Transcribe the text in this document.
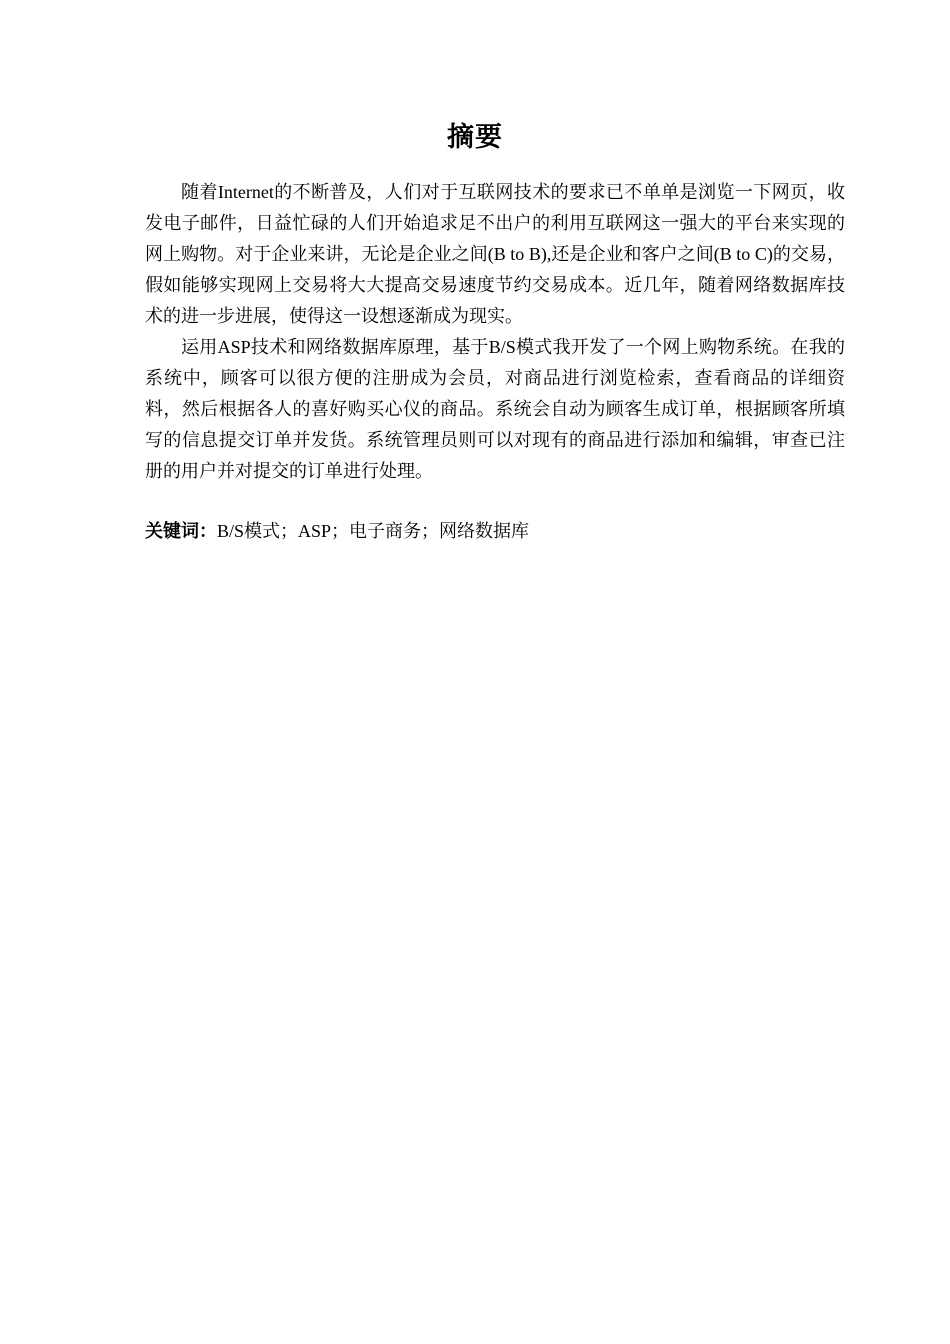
摘要

随着Internet的不断普及，人们对于互联网技术的要求已不单单是浏览一下网页，收发电子邮件，日益忙碌的人们开始追求足不出户的利用互联网这一强大的平台来实现的网上购物。对于企业来讲，无论是企业之间(B to B),还是企业和客户之间(B to C)的交易，假如能够实现网上交易将大大提高交易速度节约交易成本。近几年，随着网络数据库技术的进一步进展，使得这一设想逐渐成为现实。

运用ASP技术和网络数据库原理，基于B/S模式我开发了一个网上购物系统。在我的系统中，顾客可以很方便的注册成为会员，对商品进行浏览检索，查看商品的详细资料，然后根据各人的喜好购买心仪的商品。系统会自动为顾客生成订单，根据顾客所填写的信息提交订单并发货。系统管理员则可以对现有的商品进行添加和编辑，审查已注册的用户并对提交的订单进行处理。

关键词：B/S模式；ASP；电子商务；网络数据库
